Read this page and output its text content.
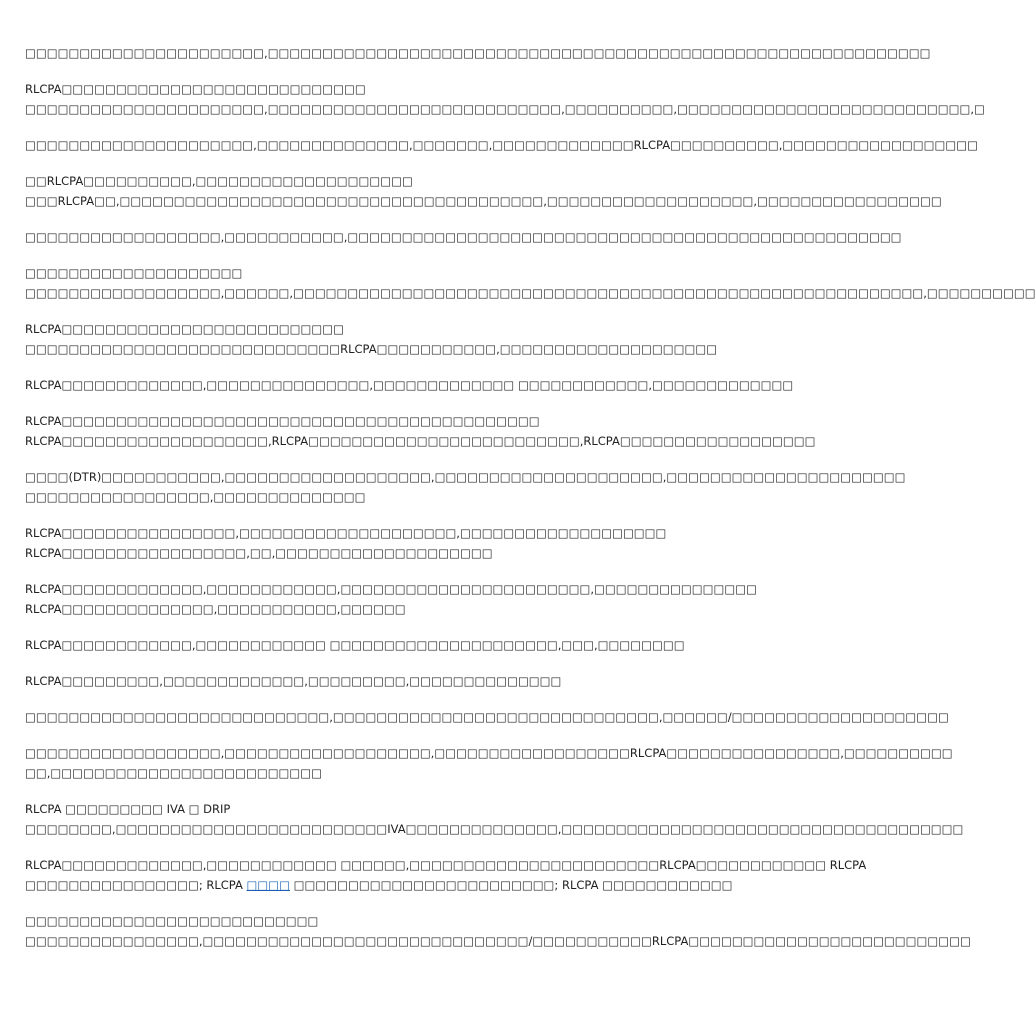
□□□□□□□□□□□□□□□□□□□□□□,□□□□□□□□□□□□□□□□□□□□□□□□□□□□□□□□□□□□□□□□□□□□□□□□□□□□□□□□□□□□□

RLCPA□□□□□□□□□□□□□□□□□□□□□□□□□□□□

□□□□□□□□□□□□□□□□□□□□□□,□□□□□□□□□□□□□□□□□□□□□□□□□□□,□□□□□□□□□□,□□□□□□□□□□□□□□□□□□□□□□□□□□□,□

□□□□□□□□□□□□□□□□□□□□□,□□□□□□□□□□□□□□,□□□□□□□,□□□□□□□□□□□□□RLCPA□□□□□□□□□□,□□□□□□□□□□□□□□□□□□

□□RLCPA□□□□□□□□□□,□□□□□□□□□□□□□□□□□□□□

□□□RLCPA□□,□□□□□□□□□□□□□□□□□□□□□□□□□□□□□□□□□□□□□□□,□□□□□□□□□□□□□□□□□□□,□□□□□□□□□□□□□□□□□

□□□□□□□□□□□□□□□□□□,□□□□□□□□□□□,□□□□□□□□□□□□□□□□□□□□□□□□□□□□□□□□□□□□□□□□□□□□□□□□□□□

□□□□□□□□□□□□□□□□□□□□

□□□□□□□□□□□□□□□□□□,□□□□□□,□□□□□□□□□□□□□□□□□□□□□□□□□□□□□□□□□□□□□□□□□□□□□□□□□□□□□□□□□□,□□□□□□□□□□

RLCPA□□□□□□□□□□□□□□□□□□□□□□□□□□

□□□□□□□□□□□□□□□□□□□□□□□□□□□□□RLCPA□□□□□□□□□□□,□□□□□□□□□□□□□□□□□□□□

RLCPA□□□□□□□□□□□□□,□□□□□□□□□□□□□□□,□□□□□□□□□□□□□ □□□□□□□□□□□□,□□□□□□□□□□□□□

RLCPA□□□□□□□□□□□□□□□□□□□□□□□□□□□□□□□□□□□□□□□□□□□□

RLCPA□□□□□□□□□□□□□□□□□□□,RLCPA□□□□□□□□□□□□□□□□□□□□□□□□□,RLCPA□□□□□□□□□□□□□□□□□□

□□□□(DTR)□□□□□□□□□□□,□□□□□□□□□□□□□□□□□□□,□□□□□□□□□□□□□□□□□□□□□,□□□□□□□□□□□□□□□□□□□□□□

□□□□□□□□□□□□□□□□□,□□□□□□□□□□□□□□

RLCPA□□□□□□□□□□□□□□□□,□□□□□□□□□□□□□□□□□□□□,□□□□□□□□□□□□□□□□□□□

RLCPA□□□□□□□□□□□□□□□□□,□□,□□□□□□□□□□□□□□□□□□□□

RLCPA□□□□□□□□□□□□□,□□□□□□□□□□□□,□□□□□□□□□□□□□□□□□□□□□□□,□□□□□□□□□□□□□□□

RLCPA□□□□□□□□□□□□□□,□□□□□□□□□□□,□□□□□□

RLCPA□□□□□□□□□□□□,□□□□□□□□□□□□ □□□□□□□□□□□□□□□□□□□□□,□□□,□□□□□□□□

RLCPA□□□□□□□□□,□□□□□□□□□□□□□,□□□□□□□□□,□□□□□□□□□□□□□□

□□□□□□□□□□□□□□□□□□□□□□□□□□□□,□□□□□□□□□□□□□□□□□□□□□□□□□□□□□□,□□□□□□/□□□□□□□□□□□□□□□□□□□□

□□□□□□□□□□□□□□□□□□,□□□□□□□□□□□□□□□□□□□,□□□□□□□□□□□□□□□□□□RLCPA□□□□□□□□□□□□□□□□,□□□□□□□□□□

□□,□□□□□□□□□□□□□□□□□□□□□□□□□

RLCPA □□□□□□□□□ IVA □ DRIP

□□□□□□□□,□□□□□□□□□□□□□□□□□□□□□□□□□IVA□□□□□□□□□□□□□□,□□□□□□□□□□□□□□□□□□□□□□□□□□□□□□□□□□□□□

RLCPA□□□□□□□□□□□□□,□□□□□□□□□□□□ □□□□□□,□□□□□□□□□□□□□□□□□□□□□□□RLCPA□□□□□□□□□□□□ RLCPA

□□□□□□□□□□□□□□□□; RLCPA □□□□ □□□□□□□□□□□□□□□□□□□□□□□□; RLCPA □□□□□□□□□□□□

□□□□□□□□□□□□□□□□□□□□□□□□□□□

□□□□□□□□□□□□□□□□,□□□□□□□□□□□□□□□□□□□□□□□□□□□□□□/□□□□□□□□□□□RLCPA□□□□□□□□□□□□□□□□□□□□□□□□□□
